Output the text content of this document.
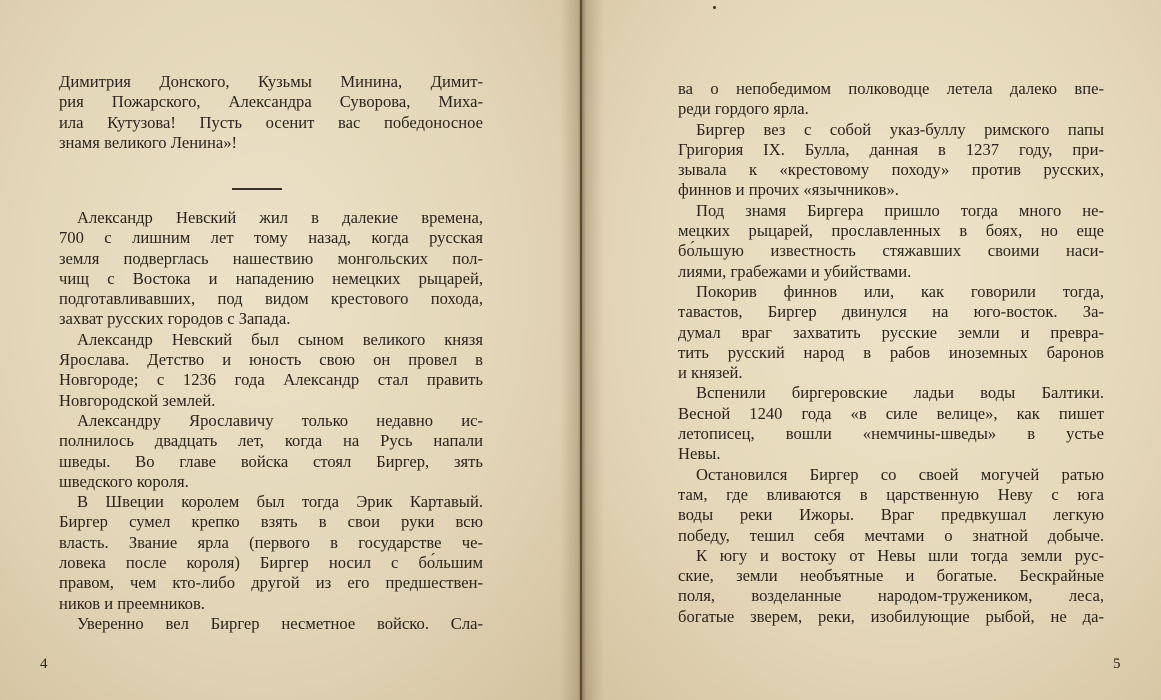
Димитрия Донского, Кузьмы Минина, Димит-
рия Пожарского, Александра Суворова, Миха-
ила Кутузова! Пусть осенит вас победоносное
знамя великого Ленина»!
Александр Невский жил в далекие времена,
700 с лишним лет тому назад, когда русская
земля подверглась нашествию монгольских пол-
чищ с Востока и нападению немецких рыцарей,
подготавливавших, под видом крестового похода,
захват русских городов с Запада.
Александр Невский был сыном великого князя
Ярослава. Детство и юность свою он провел в
Новгороде; с 1236 года Александр стал править
Новгородской землей.
Александру Ярославичу только недавно ис-
полнилось двадцать лет, когда на Русь напали
шведы. Во главе войска стоял Биргер, зять
шведского короля.
В Швеции королем был тогда Эрик Картавый.
Биргер сумел крепко взять в свои руки всю
власть. Звание ярла (первого в государстве че-
ловека после короля) Биргер носил с бо́льшим
правом, чем кто-либо другой из его предшествен-
ников и преемников.
Уверенно вел Биргер несметное войско. Сла-
4
ва о непобедимом полководце летела далеко впе-
реди гордого ярла.
Биргер вез с собой указ-буллу римского папы
Григория IX. Булла, данная в 1237 году, при-
зывала к «крестовому походу» против русских,
финнов и прочих «язычников».
Под знамя Биргера пришло тогда много не-
мецких рыцарей, прославленных в боях, но еще
бо́льшую известность стяжавших своими наси-
лиями, грабежами и убийствами.
Покорив финнов или, как говорили тогда,
тавастов, Биргер двинулся на юго-восток. За-
думал враг захватить русские земли и превра-
тить русский народ в рабов иноземных баронов
и князей.
Вспенили биргеровские ладьи воды Балтики.
Весной 1240 года «в силе велице», как пишет
летописец, вошли «немчины-шведы» в устье
Невы.
Остановился Биргер со своей могучей ратью
там, где вливаются в царственную Неву с юга
воды реки Ижоры. Враг предвкушал легкую
победу, тешил себя мечтами о знатной добыче.
К югу и востоку от Невы шли тогда земли рус-
ские, земли необъятные и богатые. Бескрайные
поля, возделанные народом-тружеником, леса,
богатые зверем, реки, изобилующие рыбой, не да-
5
